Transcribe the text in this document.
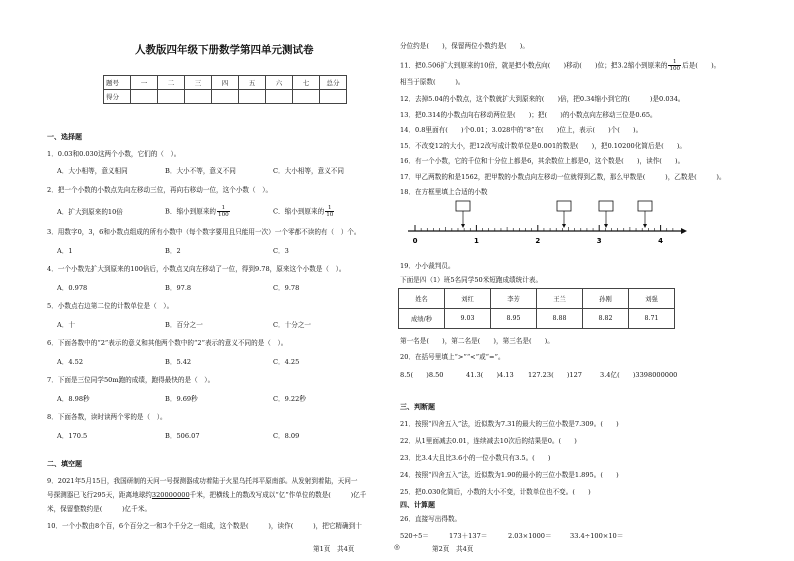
人教版四年级下册数学第四单元测试卷
题号	一	二	三	四	五	六	七	总分
得分								
一、选择题
1．0.03和0.030这两个小数，它们的（　）。
A．大小相等，意义相同	B．大小不等，意义不同	C．大小相等，意义不同
2．把一个小数的小数点先向左移动三位，再向右移动一位，这个小数（　）。
A．扩大到原来的10倍	B．缩小到原来的 $\frac{1}{100}$	C．缩小到原来的 $\frac{1}{10}$
3．用数字0，3，6和小数点组成的所有小数中（每个数字要用且只能用一次）一个零都不读的有（　）个。
A．1	B．2	C．3
4．一个小数先扩大到原来的100倍后，小数点又向左移动了一位，得到9.78，原来这个小数是（　）。
A．0.978	B．97.8	C．9.78
5．小数点右边第二位的计数单位是（　）。
A．十	B．百分之一	C．十分之一
6．下面各数中的“2”表示的意义和其他两个数中的“2”表示的意义不同的是（　）。
A．4.52	B．5.42	C．4.25
7．下面是三位同学50m跑的成绩，跑得最快的是（　）。
A．8.98秒	B．9.69秒	C．9.22秒
8．下面各数，读时读两个零的是（　）。
A．170.5	B．506.07	C．8.09
二、填空题
9．2021年5月15日，我国研制的天问一号探测器成功着陆于火星乌托邦平原南部。从发射到着陆，天问一
号探测器已飞行295天，距离地球约320000000千米，把横线上的数改写成以“亿”作单位的数是(　　　)亿千
米，保留整数约是(　　　)亿千米。
10．一个小数由8个百，6个百分之一和3个千分之一组成，这个数是(　　　)，读作(　　　)，把它精确到十
分位约是(　　)，保留两位小数约是(　　)。
11．把0.506扩大到原来的10倍，就是把小数点向(　　)移动(　　)位；把3.2缩小到原来的 $\frac{1}{100}$ 后是(　　)。
相当于原数(　　　)。
12．去掉5.04的小数点，这个数就扩大到原来的(　　)倍，把0.34缩小到它的(　　　)是0.034。
13．把0.314的小数点向右移动两位是(　　)；把(　　)的小数点向左移动三位是0.65。
14．0.8里面有(　　)个0.01；3.028中的“8”在(　　)位上，表示(　　)个(　　)。
15．不改变12的大小，把12改写成计数单位是0.001的数是(　　)，把0.10200化简后是(　　)。
16．有一个小数，它的千位和十分位上都是6，其余数位上都是0，这个数是(　　)，读作(　　)。
17．甲乙两数的和是1562，把甲数的小数点向左移动一位就得到乙数，那么甲数是(　　　)，乙数是(　　　)。
18．在方框里填上合适的小数
0	1	2	3	4
19．小小裁判员。
下面是四（1）班5名同学50米短跑成绩统计表。
姓名	刘红	李芳	王兰	孙刚	刘强
成绩/秒	9.03	8.95	8.88	8.82	8.71
第一名是(　　)，第二名是(　　)，第三名是(　　)。
20．在括号里填上“>”“<”或“=”。
8.5(　　)8.50	41.3(　　)4.13 127.23(　　)127	3.4亿(　　)3398000000
三、判断题
21．按照“四舍五入”法，近似数为7.31的最大的三位小数是7.309。(　　)
22．从1里面减去0.01，连续减去10次后的结果是0。(　　)
23．比3.4大且比3.6小的一位小数只有3.5。(　　)
24．按照“四舍五入”法，近似数为1.90的最小的三位小数是1.895。(　　)
25．把0.030化简后，小数的大小不变，计数单位也不变。(　　)
四、计算题
26．直接写出得数。
第1页　共4页	◎	第2页　共4页
520÷5＝	173＋137＝	2.03×1000＝	33.4÷100×10＝
